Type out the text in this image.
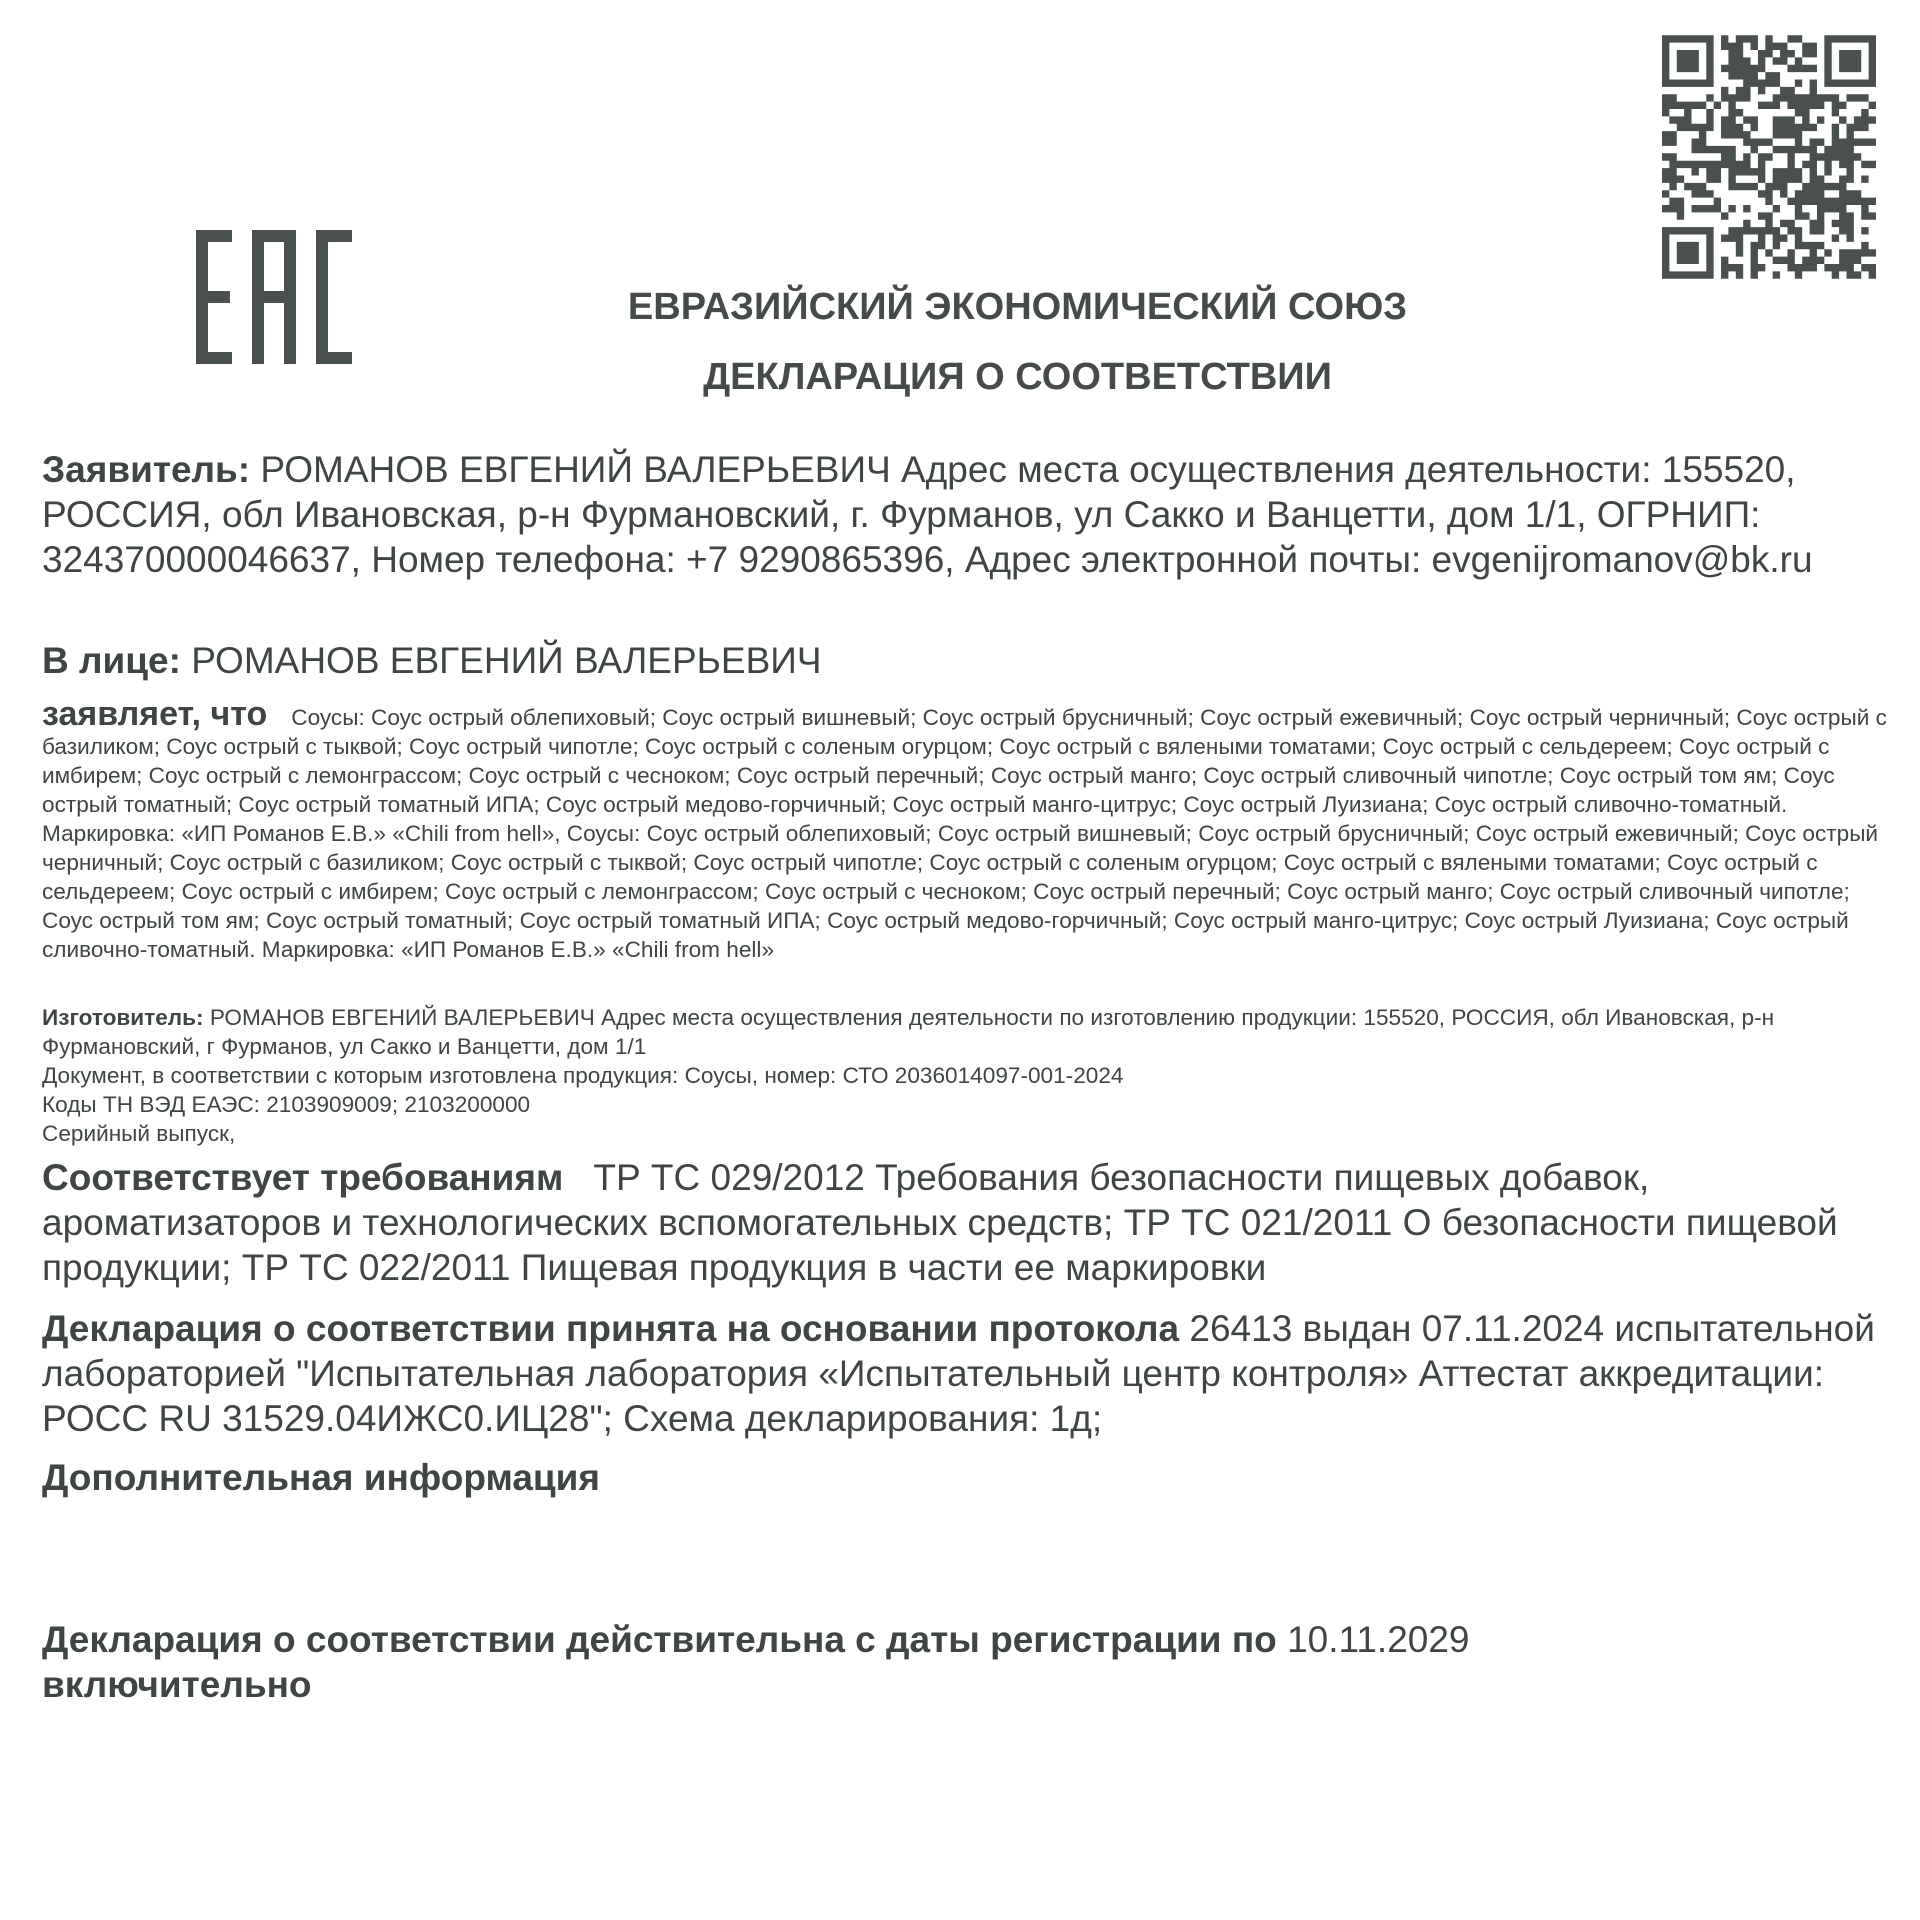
ЕВРАЗИЙСКИЙ ЭКОНОМИЧЕСКИЙ СОЮЗ
ДЕКЛАРАЦИЯ О СООТВЕТСТВИИ
Заявитель: РОМАНОВ ЕВГЕНИЙ ВАЛЕРЬЕВИЧ Адрес места осуществления деятельности: 155520, РОССИЯ, обл Ивановская, р-н Фурмановский, г. Фурманов, ул Сакко и Ванцетти, дом 1/1, ОГРНИП: 324370000046637, Номер телефона: +7 9290865396, Адрес электронной почты: evgenijromanov@bk.ru
В лице: РОМАНОВ ЕВГЕНИЙ ВАЛЕРЬЕВИЧ
заявляет, что Соусы: Соус острый облепиховый; Соус острый вишневый; Соус острый брусничный; Соус острый ежевичный; Соус острый черничный; Соус острый с базиликом; Соус острый с тыквой; Соус острый чипотле; Соус острый с соленым огурцом; Соус острый с вялеными томатами; Соус острый с сельдереем; Соус острый с имбирем; Соус острый с лемонграссом; Соус острый с чесноком; Соус острый перечный; Соус острый манго; Соус острый сливочный чипотле; Соус острый том ям; Соус острый томатный; Соус острый томатный ИПА; Соус острый медово-горчичный; Соус острый манго-цитрус; Соус острый Луизиана; Соус острый сливочно-томатный. Маркировка: «ИП Романов Е.В.» «Chili from hell», Соусы: Соус острый облепиховый; Соус острый вишневый; Соус острый брусничный; Соус острый ежевичный; Соус острый черничный; Соус острый с базиликом; Соус острый с тыквой; Соус острый чипотле; Соус острый с соленым огурцом; Соус острый с вялеными томатами; Соус острый с сельдереем; Соус острый с имбирем; Соус острый с лемонграссом; Соус острый с чесноком; Соус острый перечный; Соус острый манго; Соус острый сливочный чипотле; Соус острый том ям; Соус острый томатный; Соус острый томатный ИПА; Соус острый медово-горчичный; Соус острый манго-цитрус; Соус острый Луизиана; Соус острый сливочно-томатный. Маркировка: «ИП Романов Е.В.» «Chili from hell»
Изготовитель: РОМАНОВ ЕВГЕНИЙ ВАЛЕРЬЕВИЧ Адрес места осуществления деятельности по изготовлению продукции: 155520, РОССИЯ, обл Ивановская, р-н Фурмановский, г Фурманов, ул Сакко и Ванцетти, дом 1/1
Документ, в соответствии с которым изготовлена продукция: Соусы, номер: СТО 2036014097-001-2024
Коды ТН ВЭД ЕАЭС: 2103909009; 2103200000
Серийный выпуск,
Соответствует требованиям ТР ТС 029/2012 Требования безопасности пищевых добавок, ароматизаторов и технологических вспомогательных средств; ТР ТС 021/2011 О безопасности пищевой продукции; ТР ТС 022/2011 Пищевая продукция в части ее маркировки
Декларация о соответствии принята на основании протокола 26413 выдан 07.11.2024 испытательной лабораторией "Испытательная лаборатория «Испытательный центр контроля» Аттестат аккредитации: РОСС RU 31529.04ИЖС0.ИЦ28"; Схема декларирования: 1д;
Дополнительная информация
Декларация о соответствии действительна с даты регистрации по 10.11.2029
включительно
